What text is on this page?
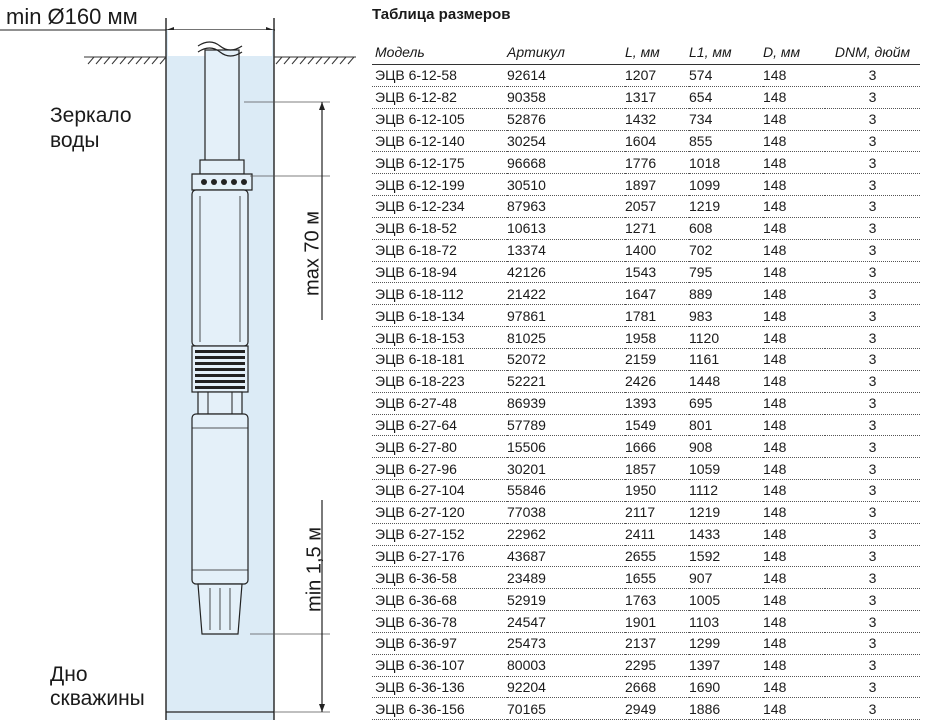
min Ø160 мм
Зеркало
воды
max 70 м
min 1,5 м
Дно
скважины
Таблица размеров
Модель	Артикул	L, мм	L1, мм	D, мм	DNM, дюйм
ЭЦВ 6-12-58	92614	1207	574	148	3
ЭЦВ 6-12-82	90358	1317	654	148	3
ЭЦВ 6-12-105	52876	1432	734	148	3
ЭЦВ 6-12-140	30254	1604	855	148	3
ЭЦВ 6-12-175	96668	1776	1018	148	3
ЭЦВ 6-12-199	30510	1897	1099	148	3
ЭЦВ 6-12-234	87963	2057	1219	148	3
ЭЦВ 6-18-52	10613	1271	608	148	3
ЭЦВ 6-18-72	13374	1400	702	148	3
ЭЦВ 6-18-94	42126	1543	795	148	3
ЭЦВ 6-18-112	21422	1647	889	148	3
ЭЦВ 6-18-134	97861	1781	983	148	3
ЭЦВ 6-18-153	81025	1958	1120	148	3
ЭЦВ 6-18-181	52072	2159	1161	148	3
ЭЦВ 6-18-223	52221	2426	1448	148	3
ЭЦВ 6-27-48	86939	1393	695	148	3
ЭЦВ 6-27-64	57789	1549	801	148	3
ЭЦВ 6-27-80	15506	1666	908	148	3
ЭЦВ 6-27-96	30201	1857	1059	148	3
ЭЦВ 6-27-104	55846	1950	1112	148	3
ЭЦВ 6-27-120	77038	2117	1219	148	3
ЭЦВ 6-27-152	22962	2411	1433	148	3
ЭЦВ 6-27-176	43687	2655	1592	148	3
ЭЦВ 6-36-58	23489	1655	907	148	3
ЭЦВ 6-36-68	52919	1763	1005	148	3
ЭЦВ 6-36-78	24547	1901	1103	148	3
ЭЦВ 6-36-97	25473	2137	1299	148	3
ЭЦВ 6-36-107	80003	2295	1397	148	3
ЭЦВ 6-36-136	92204	2668	1690	148	3
ЭЦВ 6-36-156	70165	2949	1886	148	3
